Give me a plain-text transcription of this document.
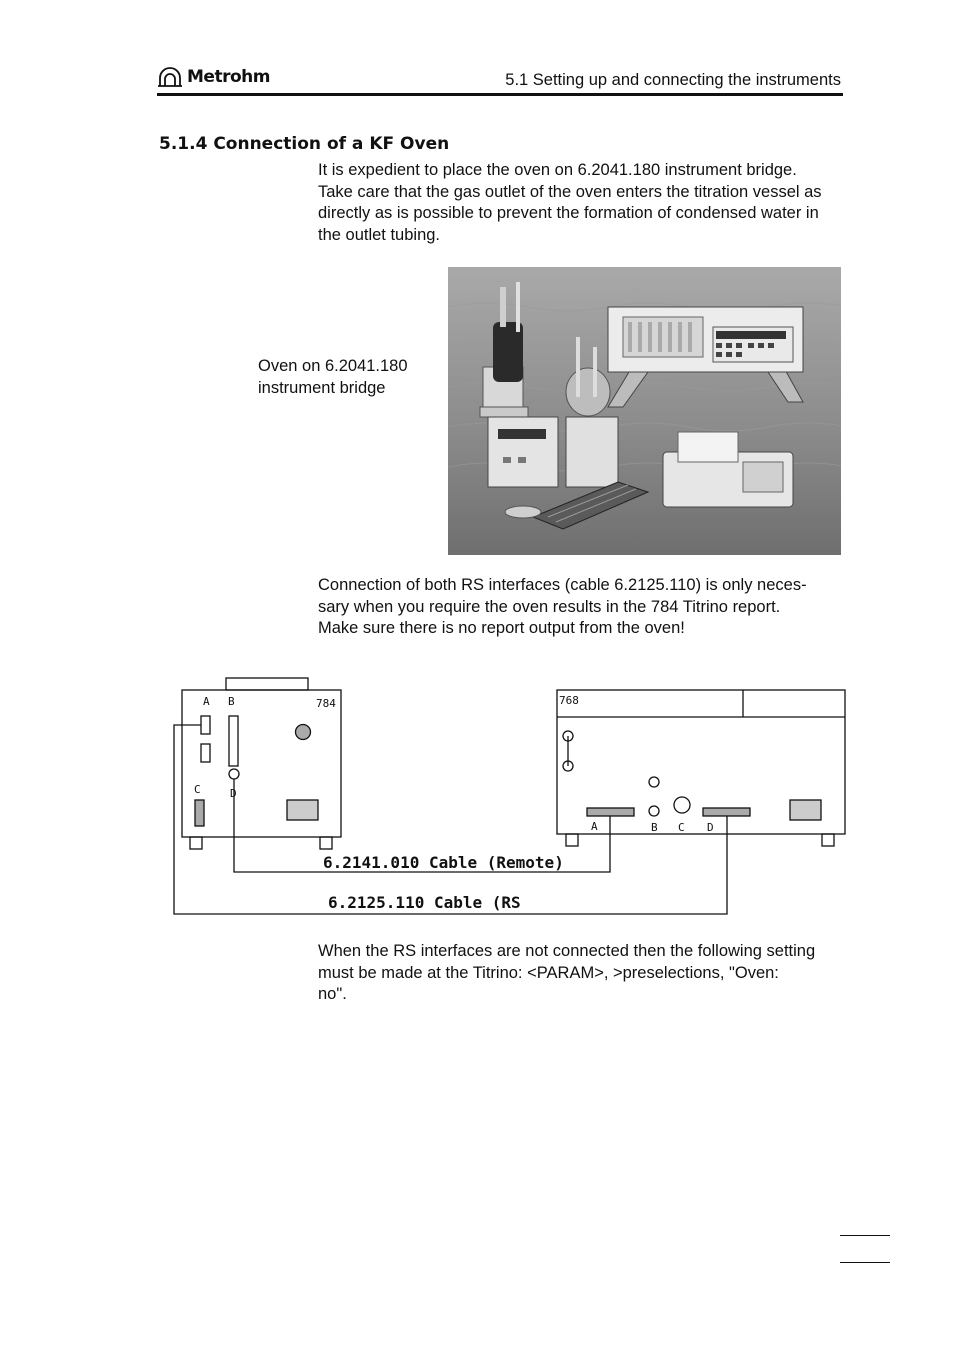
Metrohm	5.1 Setting up and connecting the instruments
5.1.4 Connection of a KF Oven

It is expedient to place the oven on 6.2041.180 instrument bridge.

Take care that the gas outlet of the oven enters the titration vessel as

directly as is possible to prevent the formation of condensed water in

the outlet tubing.

Oven on 6.2041.180

instrument bridge

Connection of both RS interfaces (cable 6.2125.110) is only neces-

sary when you require the oven results in the 784 Titrino report.

Make sure there is no report output from the oven!

A B	784
C	D
768
A	B C D
6.2141.010 Cable (Remote)
6.2125.110 Cable (RS

When the RS interfaces are not connected then the following setting

must be made at the Titrino: <PARAM>, >preselections, "Oven:

no".
